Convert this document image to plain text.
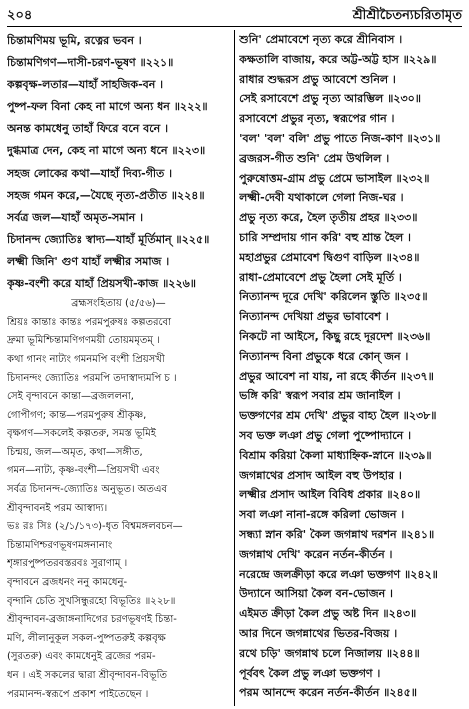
২০৪	শ্রীশ্রীচৈতন্যচরিতামৃত
চিন্তামণিময় ভূমি, রত্নের ভবন ।
চিন্তামণিগণ—দাসী-চরণ-ভূষণ ॥২২১॥
কল্পবৃক্ষ-লতার—যাহাঁ সাহজিক-বন ।
পুষ্প-ফল বিনা কেহ না মাগে অন্য ধন ॥২২২॥
অনন্ত কামধেনু তাহাঁ ফিরে বনে বনে ।
দুগ্ধমাত্র দেন, কেহ না মাগে অন্য ধনে ॥২২৩॥
সহজ লোকের কথা—যাহাঁ দিব্য-গীত ।
সহজ গমন করে,—যৈছে নৃত্য-প্রতীত ॥২২৪॥
সর্বত্র জল—যাহাঁ অমৃত-সমান ।
চিদানন্দ জ্যোতিঃ স্বাদ্য—যাহাঁ মূর্তিমান্ ॥২২৫॥
লক্ষ্মী জিনি' গুণ যাহাঁ লক্ষ্মীর সমাজ ।
কৃষ্ণ-বংশী করে যাহাঁ প্রিয়সখী-কাজ ॥২২৬॥
ব্রহ্মসংহিতায় (৫/৫৬)—
শ্রিয়ঃ কান্তাঃ কান্তঃ পরমপুরুষঃ কল্পতরবো
দ্রুমা ভূমিশ্চিন্তামণিগণময়ী তোয়মমৃতম্ ।
কথা গানং নাট্যং গমনমপি বংশী প্রিয়সখী
চিদানন্দং জ্যোতিঃ পরমপি তদাস্বাদ্যমপি চ ।
সেই বৃন্দাবনে কান্তা—ব্রজললনা,
গোপীগণ; কান্ত—পরমপুরুষ শ্রীকৃষ্ণ,
বৃক্ষগণ—সকলেই কল্পতরু, সমস্ত ভূমিই
চিন্ময়, জল—অমৃত, কথা—সঙ্গীত,
গমন—নাট্য, কৃষ্ণ-বংশী—প্রিয়সখী এবং
সর্বত্র চিদানন্দ-জ্যোতিঃ অনুভূত। অতএব
শ্রীবৃন্দাবনই পরম আস্বাদ্য।
ভঃ রঃ সিঃ (২/১/১৭৩)-ধৃত বিশ্বমঙ্গলবচন—
চিন্তামণিশ্চরণভূষণমঙ্গনানাং
শৃঙ্গারপুষ্পতরবস্তরবঃ সুরাণাম্ ।
বৃন্দাবনে ব্রজধনং ননু কামধেনু-
বৃন্দানি চেতি সুখসিন্ধুরহো বিভূতিঃ ॥২২৮॥
শ্রীবৃন্দাবন-ব্রজাঙ্গনাদিগের চরণভূষণই চিন্তা-
মণি, লীলানুকূল সকল-পুষ্পতরুই কল্পবৃক্ষ
(সুরতরু) এবং কামধেনুই ব্রজের পরম-
ধন । এই সকলের দ্বারা শ্রীবৃন্দাবন-বিভূতি
পরমানন্দ-স্বরূপে প্রকাশ পাইতেছেন ।
শুনি' প্রেমাবেশে নৃত্য করে শ্রীনিবাস ।
কক্ষতালি বাজায়, করে অট্ট-অট্ট হাস ॥২২৯॥
রাধার শুদ্ধরস প্রভু আবেশে শুনিল ।
সেই রসাবেশে প্রভু নৃত্য আরম্ভিল ॥২৩০॥
রসাবেশে প্রভুর নৃত্য, স্বরূপের গান ।
'বল' 'বল' বলি' প্রভু পাতে নিজ-কাণ ॥২৩১॥
ব্রজরস-গীত শুনি' প্রেম উথলিল ।
পুরুষোত্তম-গ্রাম প্রভু প্রেমে ভাসাইল ॥২৩২॥
লক্ষ্মী-দেবী যথাকালে গেলা নিজ-ঘর ।
প্রভু নৃত্য করে, হৈল তৃতীয় প্রহর ॥২৩৩॥
চারি সম্প্রদায় গান করি' বহু শ্রান্ত হৈল ।
মহাপ্রভুর প্রেমাবেশ দ্বিগুণ বাড়িল ॥২৩৪॥
রাধা-প্রেমাবেশে প্রভু হৈলা সেই মূর্তি ।
নিত্যানন্দ দূরে দেখি' করিলেন স্তুতি ॥২৩৫॥
নিত্যানন্দ দেখিয়া প্রভুর ভাবাবেশ ।
নিকটে না আইসে, কিছু রহে দূরদেশ ॥২৩৬॥
নিত্যানন্দ বিনা প্রভুকে ধরে কোন্ জন ।
প্রভুর আবেশ না যায়, না রহে কীর্তন ॥২৩৭॥
ভঙ্গি করি' স্বরূপ সবার শ্রম জানাইল ।
ভক্তগণের শ্রম দেখি' প্রভুর বাহ্য হৈল ॥২৩৮॥
সব ভক্ত লঞা প্রভু গেলা পুষ্পোদ্যানে ।
বিশ্রাম করিয়া কৈলা মাধ্যাহ্নিক-স্নানে ॥২৩৯॥
জগন্নাথের প্রসাদ আইল বহু উপহার ।
লক্ষ্মীর প্রসাদ আইল বিবিধ প্রকার ॥২৪০॥
সবা লঞা নানা-রঙ্গে করিলা ভোজন ।
সন্ধ্যা স্নান করি' কৈল জগন্নাথ দরশন ॥২৪১॥
জগন্নাথ দেখি' করেন নর্তন-কীর্তন ।
নরেন্দ্রে জলক্রীড়া করে লঞা ভক্তগণ ॥২৪২॥
উদ্যানে আসিয়া কৈল বন-ভোজন ।
এইমত ক্রীড়া কৈল প্রভু অষ্ট দিন ॥২৪৩॥
আর দিনে জগন্নাথের ভিতর-বিজয় ।
রথে চড়ি' জগন্নাথ চলে নিজালয় ॥২৪৪॥
পূর্ববৎ কৈল প্রভু লঞা ভক্তগণ ।
পরম আনন্দে করেন নর্তন-কীর্তন ॥২৪৫॥
